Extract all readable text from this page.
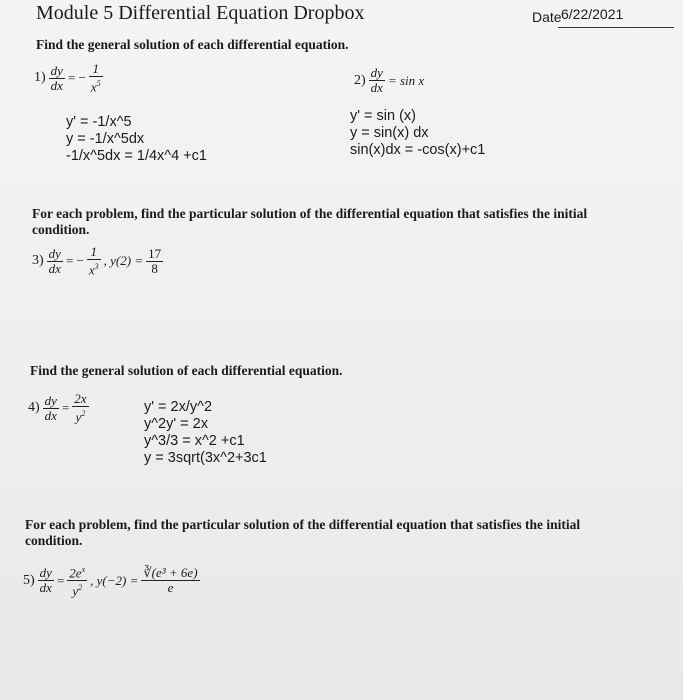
Module 5 Differential Equation Dropbox	Date 6/22/2021
Find the general solution of each differential equation.
$1) \frac{dy}{dx}$ = − $\frac{1}{x^5}$
y' = -1/x^5
y = -1/x^5dx
-1/x^5dx = 1/4x^4 +c1
$2) \frac{dy}{dx} = \sin x$
y' = sin (x)
y = sin(x) dx
sin(x)dx = -cos(x)+c1
For each problem, find the particular solution of the differential equation that satisfies the initial condition.
$3) \frac{dy}{dx}$ = − $\frac{1}{x^3}$ , $y(2) = \frac{17}{8}$
Find the general solution of each differential equation.
$4) \frac{dy}{dx} = \frac{2x}{y^2}$	y' = 2x/y^2
y^2y' = 2x
y^3/3 = x^2 +c1
y = 3sqrt(3x^2+3c1
For each problem, find the particular solution of the differential equation that satisfies the initial condition.
$5) \frac{dy}{dx} = \frac{2e^x}{y^2}$ , $y(-2) = \frac{\text{∛(e³ + 6e)}}{e}$
